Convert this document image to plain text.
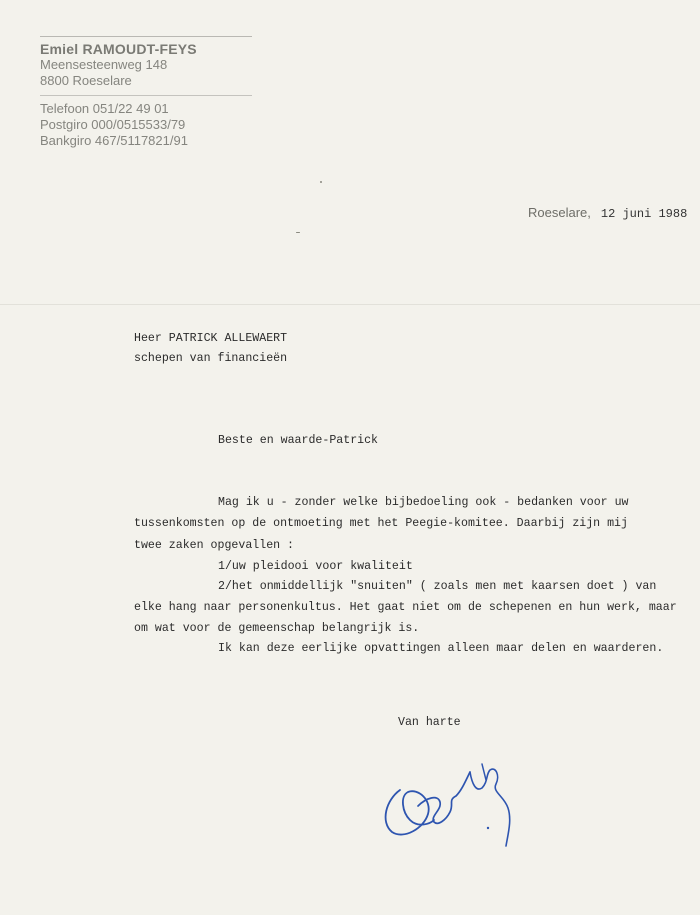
Emiel RAMOUDT-FEYS
Meensesteenweg 148
8800 Roeselare
Telefoon 051/22 49 01
Postgiro 000/0515533/79
Bankgiro 467/5117821/91
Roeselare, 12 juni 1988
Heer PATRICK ALLEWAERT
schepen van financieën
Beste en waarde-Patrick
Mag ik u - zonder welke bijbedoeling ook - bedanken voor uw
tussenkomsten op de ontmoeting met het Peegie-komitee. Daarbij zijn mij
twee zaken opgevallen :
1/uw pleidooi voor kwaliteit
2/het onmiddellijk "snuiten" ( zoals men met kaarsen doet ) van
elke hang naar personenkultus. Het gaat niet om de schepenen en hun werk, maar
om wat voor de gemeenschap belangrijk is.
Ik kan deze eerlijke opvattingen alleen maar delen en waarderen.
Van harte
